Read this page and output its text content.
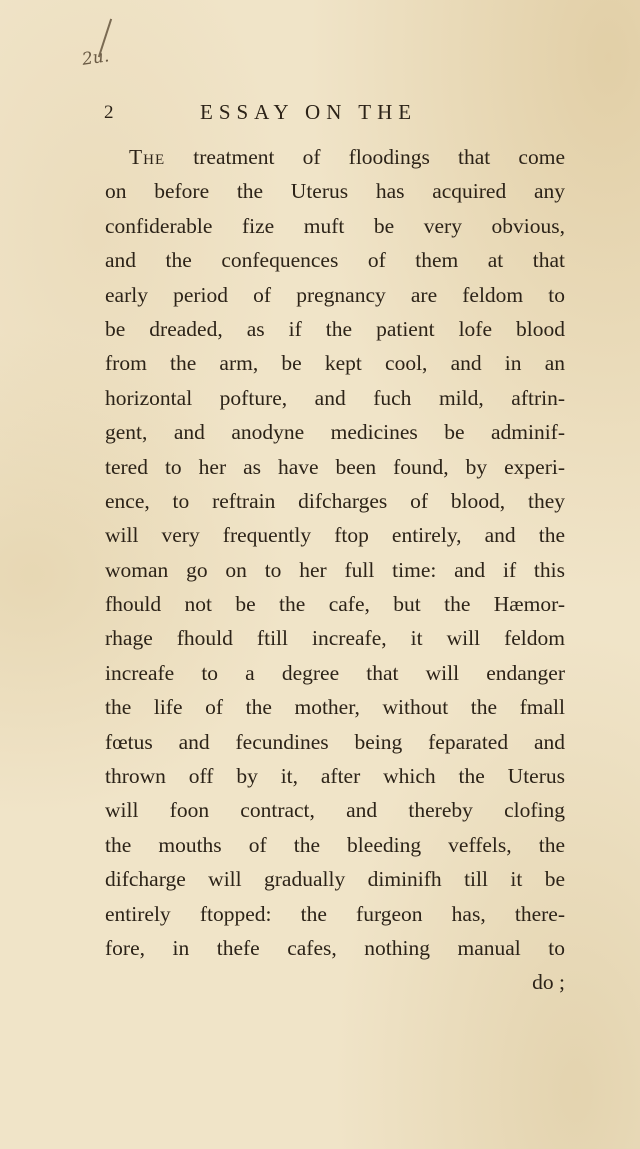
2u.
2	ESSAY ON THE
The treatment of floodings that come
on before the Uterus has acquired any
confiderable fize muft be very obvious,
and the confequences of them at that
early period of pregnancy are feldom to
be dreaded, as if the patient lofe blood
from the arm, be kept cool, and in an
horizontal pofture, and fuch mild, aftrin-
gent, and anodyne medicines be adminif-
tered to her as have been found, by experi-
ence, to reftrain difcharges of blood, they
will very frequently ftop entirely, and the
woman go on to her full time: and if this
fhould not be the cafe, but the Hæmor-
rhage fhould ftill increafe, it will feldom
increafe to a degree that will endanger
the life of the mother, without the fmall
fœtus and fecundines being feparated and
thrown off by it, after which the Uterus
will foon contract, and thereby clofing
the mouths of the bleeding veffels, the
difcharge will gradually diminifh till it be
entirely ftopped: the furgeon has, there-
fore, in thefe cafes, nothing manual to
do ;
